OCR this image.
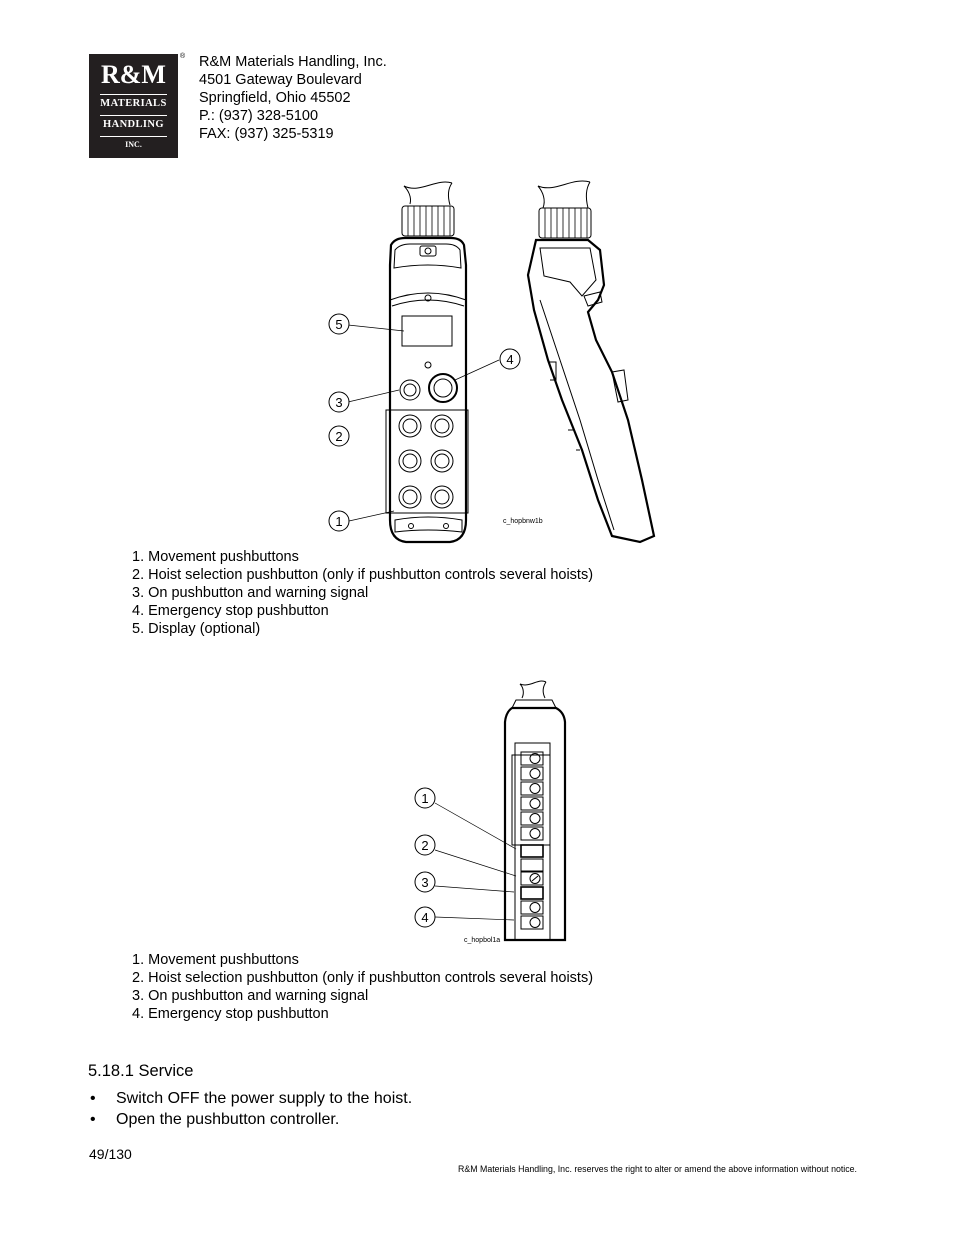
R&M
MATERIALS
HANDLING
INC.
® R&M Materials Handling, Inc.
4501 Gateway Boulevard
Springfield, Ohio 45502
P.: (937) 328-5100
FAX: (937) 325-5319
5
3
2
1
4
c_hopbnw1b
1. Movement pushbuttons
2. Hoist selection pushbutton (only if pushbutton controls several hoists)
3. On pushbutton and warning signal
4. Emergency stop pushbutton
5. Display (optional)
1
2
3
4
c_hopbol1a
1. Movement pushbuttons
2. Hoist selection pushbutton (only if pushbutton controls several hoists)
3. On pushbutton and warning signal
4. Emergency stop pushbutton
5.18.1 Service
• Switch OFF the power supply to the hoist.
• Open the pushbutton controller.
49/130
R&M Materials Handling, Inc. reserves the right to alter or amend the above information without notice.
